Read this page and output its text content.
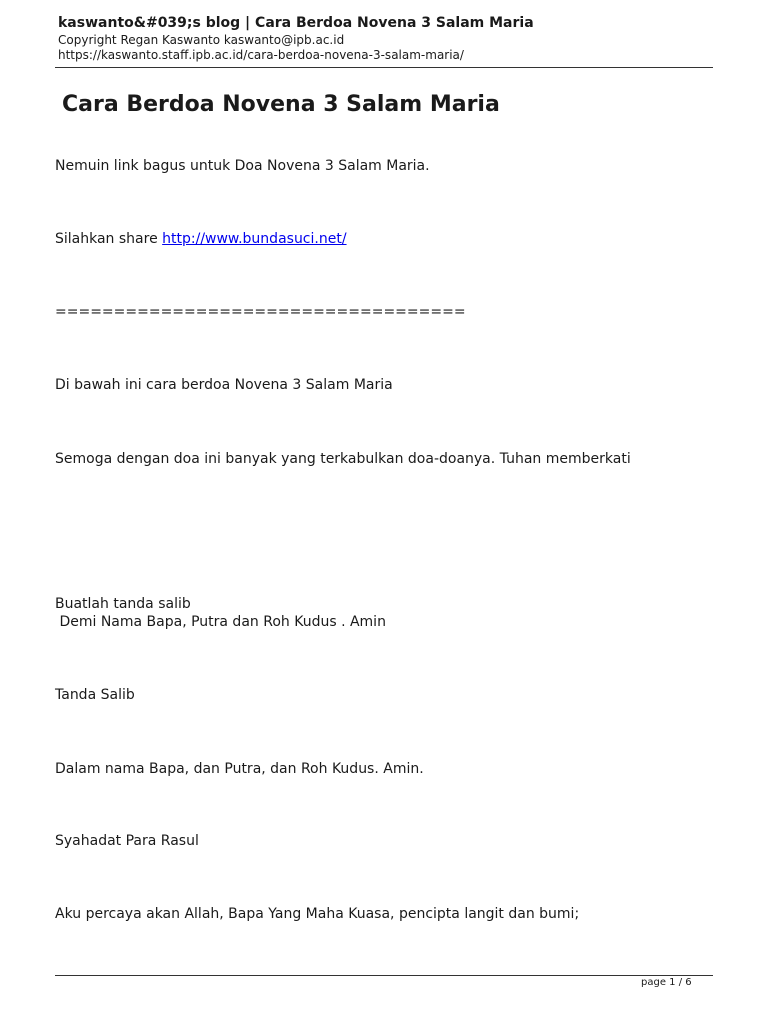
kaswanto&#039;s blog | Cara Berdoa Novena 3 Salam Maria
Copyright Regan Kaswanto kaswanto@ipb.ac.id
https://kaswanto.staff.ipb.ac.id/cara-berdoa-novena-3-salam-maria/
Cara Berdoa Novena 3 Salam Maria
Nemuin link bagus untuk Doa Novena 3 Salam Maria.
Silahkan share http://www.bundasuci.net/
===================================
Di bawah ini cara berdoa Novena 3 Salam Maria
Semoga dengan doa ini banyak yang terkabulkan doa-doanya. Tuhan memberkati
Buatlah tanda salib
Demi Nama Bapa, Putra dan Roh Kudus . Amin
Tanda Salib
Dalam nama Bapa, dan Putra, dan Roh Kudus. Amin.
Syahadat Para Rasul
Aku percaya akan Allah, Bapa Yang Maha Kuasa, pencipta langit dan bumi;
page 1 / 6
